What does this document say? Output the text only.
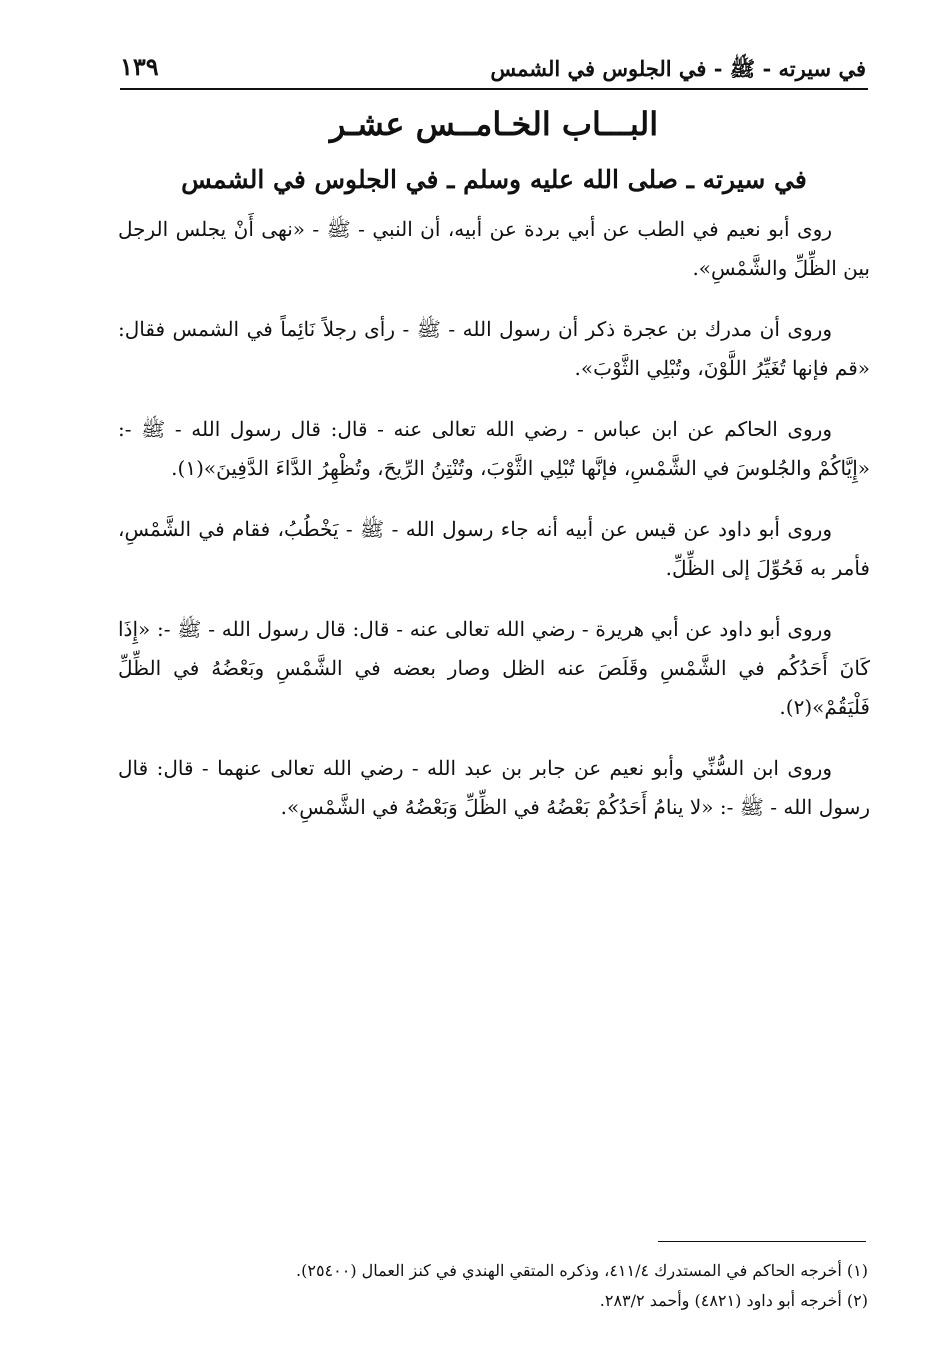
في سيرته - ﷺ - في الجلوس في الشمس
١٣٩
البـــاب الخـامــس عشـر
في سيرته ـ صلى الله عليه وسلم ـ في الجلوس في الشمس

روى أبو نعيم في الطب عن أبي بردة عن أبيه، أن النبي - ﷺ - «نهى أَنْ يجلس الرجل بين الظِّلِّ والشَّمْسِ».

وروى أن مدرك بن عجرة ذكر أن رسول الله - ﷺ - رأى رجلاً نَائِماً في الشمس فقال: «قم فإنها تُغَيِّرُ اللَّوْنَ، وتُبْلِي الثَّوْبَ».

وروى الحاكم عن ابن عباس - رضي الله تعالى عنه - قال: قال رسول الله - ﷺ -: «إِيَّاكُمْ والجُلوسَ في الشَّمْسِ، فإنَّها تُبْلِي الثَّوْبَ، وتُنْتِنُ الرِّيحَ، وتُظْهِرُ الدَّاءَ الدَّفِينَ»(١).

وروى أبو داود عن قيس عن أبيه أنه جاء رسول الله - ﷺ - يَخْطُبُ، فقام في الشَّمْسِ، فأمر به فَحُوِّلَ إلى الظِّلِّ.

وروى أبو داود عن أبي هريرة - رضي الله تعالى عنه - قال: قال رسول الله - ﷺ -: «إِذَا كَانَ أَحَدُكُم في الشَّمْسِ وقَلَصَ عنه الظل وصار بعضه في الشَّمْسِ وبَعْضُهُ في الظِّلِّ فَلْيَقُمْ»(٢).

وروى ابن السُّنِّي وأبو نعيم عن جابر بن عبد الله - رضي الله تعالى عنهما - قال: قال رسول الله - ﷺ -: «لا ينامُ أَحَدُكُمْ بَعْضُهُ في الظِّلِّ وَبَعْضُهُ في الشَّمْسِ».

(١) أخرجه الحاكم في المستدرك ٤١١/٤، وذكره المتقي الهندي في كنز العمال (٢٥٤٠٠).

(٢) أخرجه أبو داود (٤٨٢١) وأحمد ٢٨٣/٢.
